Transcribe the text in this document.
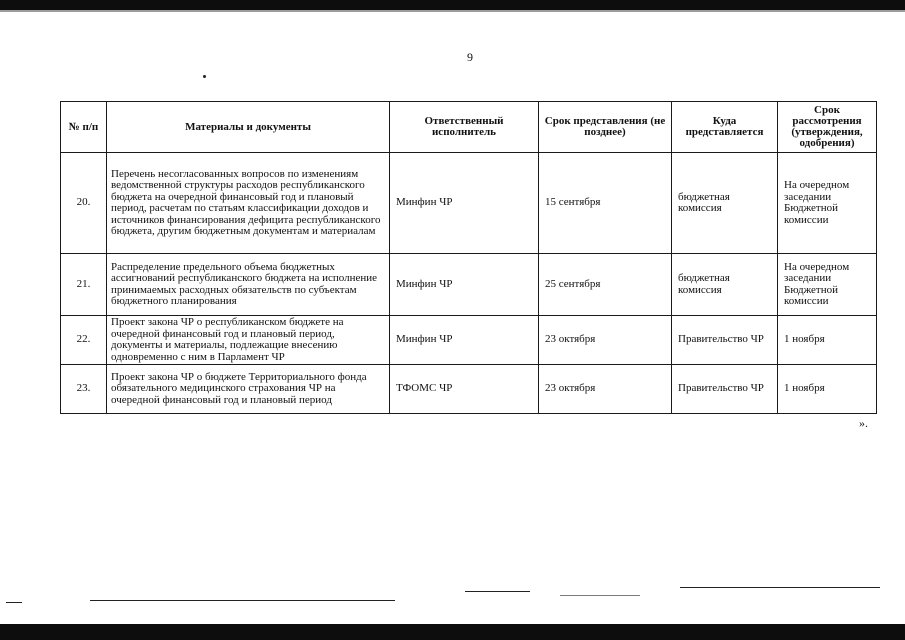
9
№ п/п	Материалы и документы	Ответственный исполнитель	Срок представления (не позднее)	Куда представляется	Срок рассмотрения (утверждения, одобрения)
20.	Перечень несогласованных вопросов по изменениям ведомственной структуры расходов республиканского бюджета на очередной финансовый год и плановый период, расчетам по статьям классификации доходов и источников финансирования дефицита республиканского бюджета, другим бюджетным документам и материалам	Минфин ЧР	15 сентября	бюджетная комиссия	На очередном заседании Бюджетной комиссии
21.	Распределение предельного объема бюджетных ассигнований республиканского бюджета на исполнение принимаемых расходных обязательств по субъектам бюджетного планирования	Минфин ЧР	25 сентября	бюджетная комиссия	На очередном заседании Бюджетной комиссии
22.	Проект закона ЧР о республиканском бюджете на очередной финансовый год и плановый период, документы и материалы, подлежащие внесению одновременно с ним в Парламент ЧР	Минфин ЧР	23 октября	Правительство ЧР	1 ноября
23.	Проект закона ЧР о бюджете Территориального фонда обязательного медицинского страхования ЧР на очередной финансовый год и плановый период	ТФОМС ЧР	23 октября	Правительство ЧР	1 ноября
».
